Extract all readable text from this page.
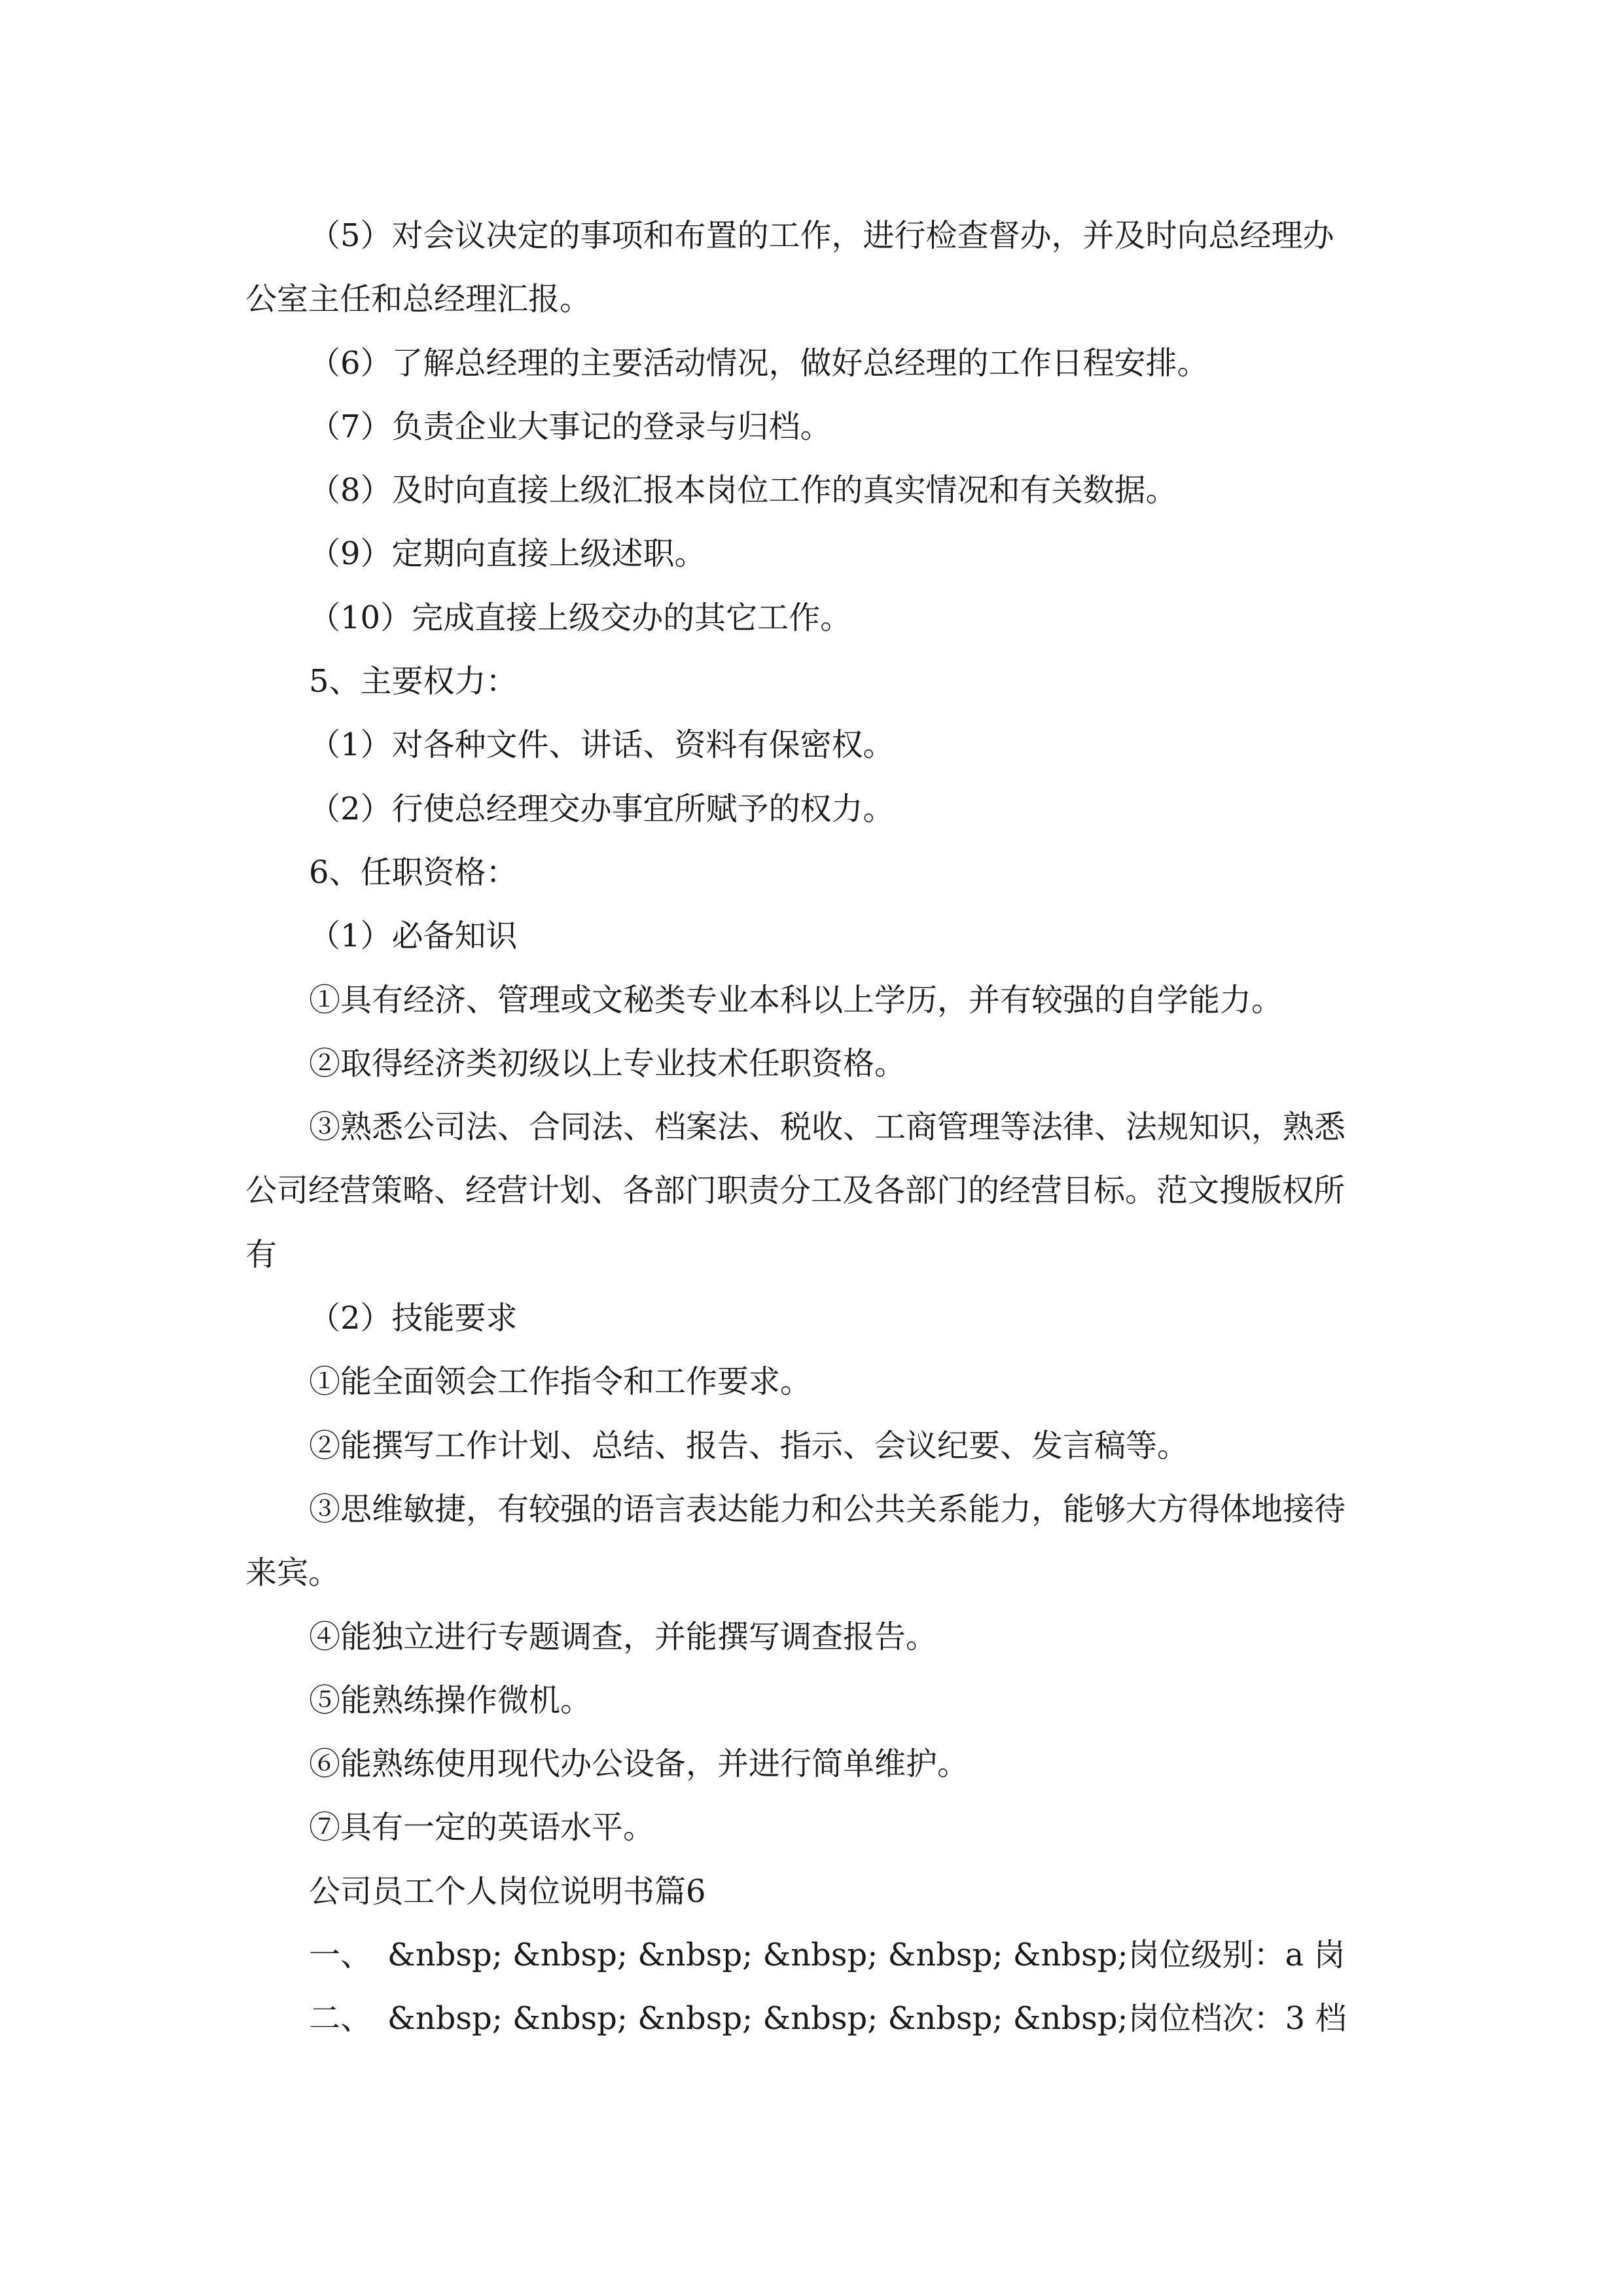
（5）对会议决定的事项和布置的工作，进行检查督办，并及时向总经理办

公室主任和总经理汇报。

（6）了解总经理的主要活动情况，做好总经理的工作日程安排。

（7）负责企业大事记的登录与归档。

（8）及时向直接上级汇报本岗位工作的真实情况和有关数据。

（9）定期向直接上级述职。

（10）完成直接上级交办的其它工作。

5、主要权力：

（1）对各种文件、讲话、资料有保密权。

（2）行使总经理交办事宜所赋予的权力。

6、任职资格：

（1）必备知识

①具有经济、管理或文秘类专业本科以上学历，并有较强的自学能力。

②取得经济类初级以上专业技术任职资格。

③熟悉公司法、合同法、档案法、税收、工商管理等法律、法规知识，熟悉

公司经营策略、经营计划、各部门职责分工及各部门的经营目标。范文搜版权所

有

（2）技能要求

①能全面领会工作指令和工作要求。

②能撰写工作计划、总结、报告、指示、会议纪要、发言稿等。

③思维敏捷，有较强的语言表达能力和公共关系能力，能够大方得体地接待

来宾。

④能独立进行专题调查，并能撰写调查报告。

⑤能熟练操作微机。

⑥能熟练使用现代办公设备，并进行简单维护。

⑦具有一定的英语水平。

公司员工个人岗位说明书篇6

一、　&nbsp; &nbsp; &nbsp; &nbsp; &nbsp; &nbsp;岗位级别：a 岗

二、　&nbsp; &nbsp; &nbsp; &nbsp; &nbsp; &nbsp;岗位档次：3 档
